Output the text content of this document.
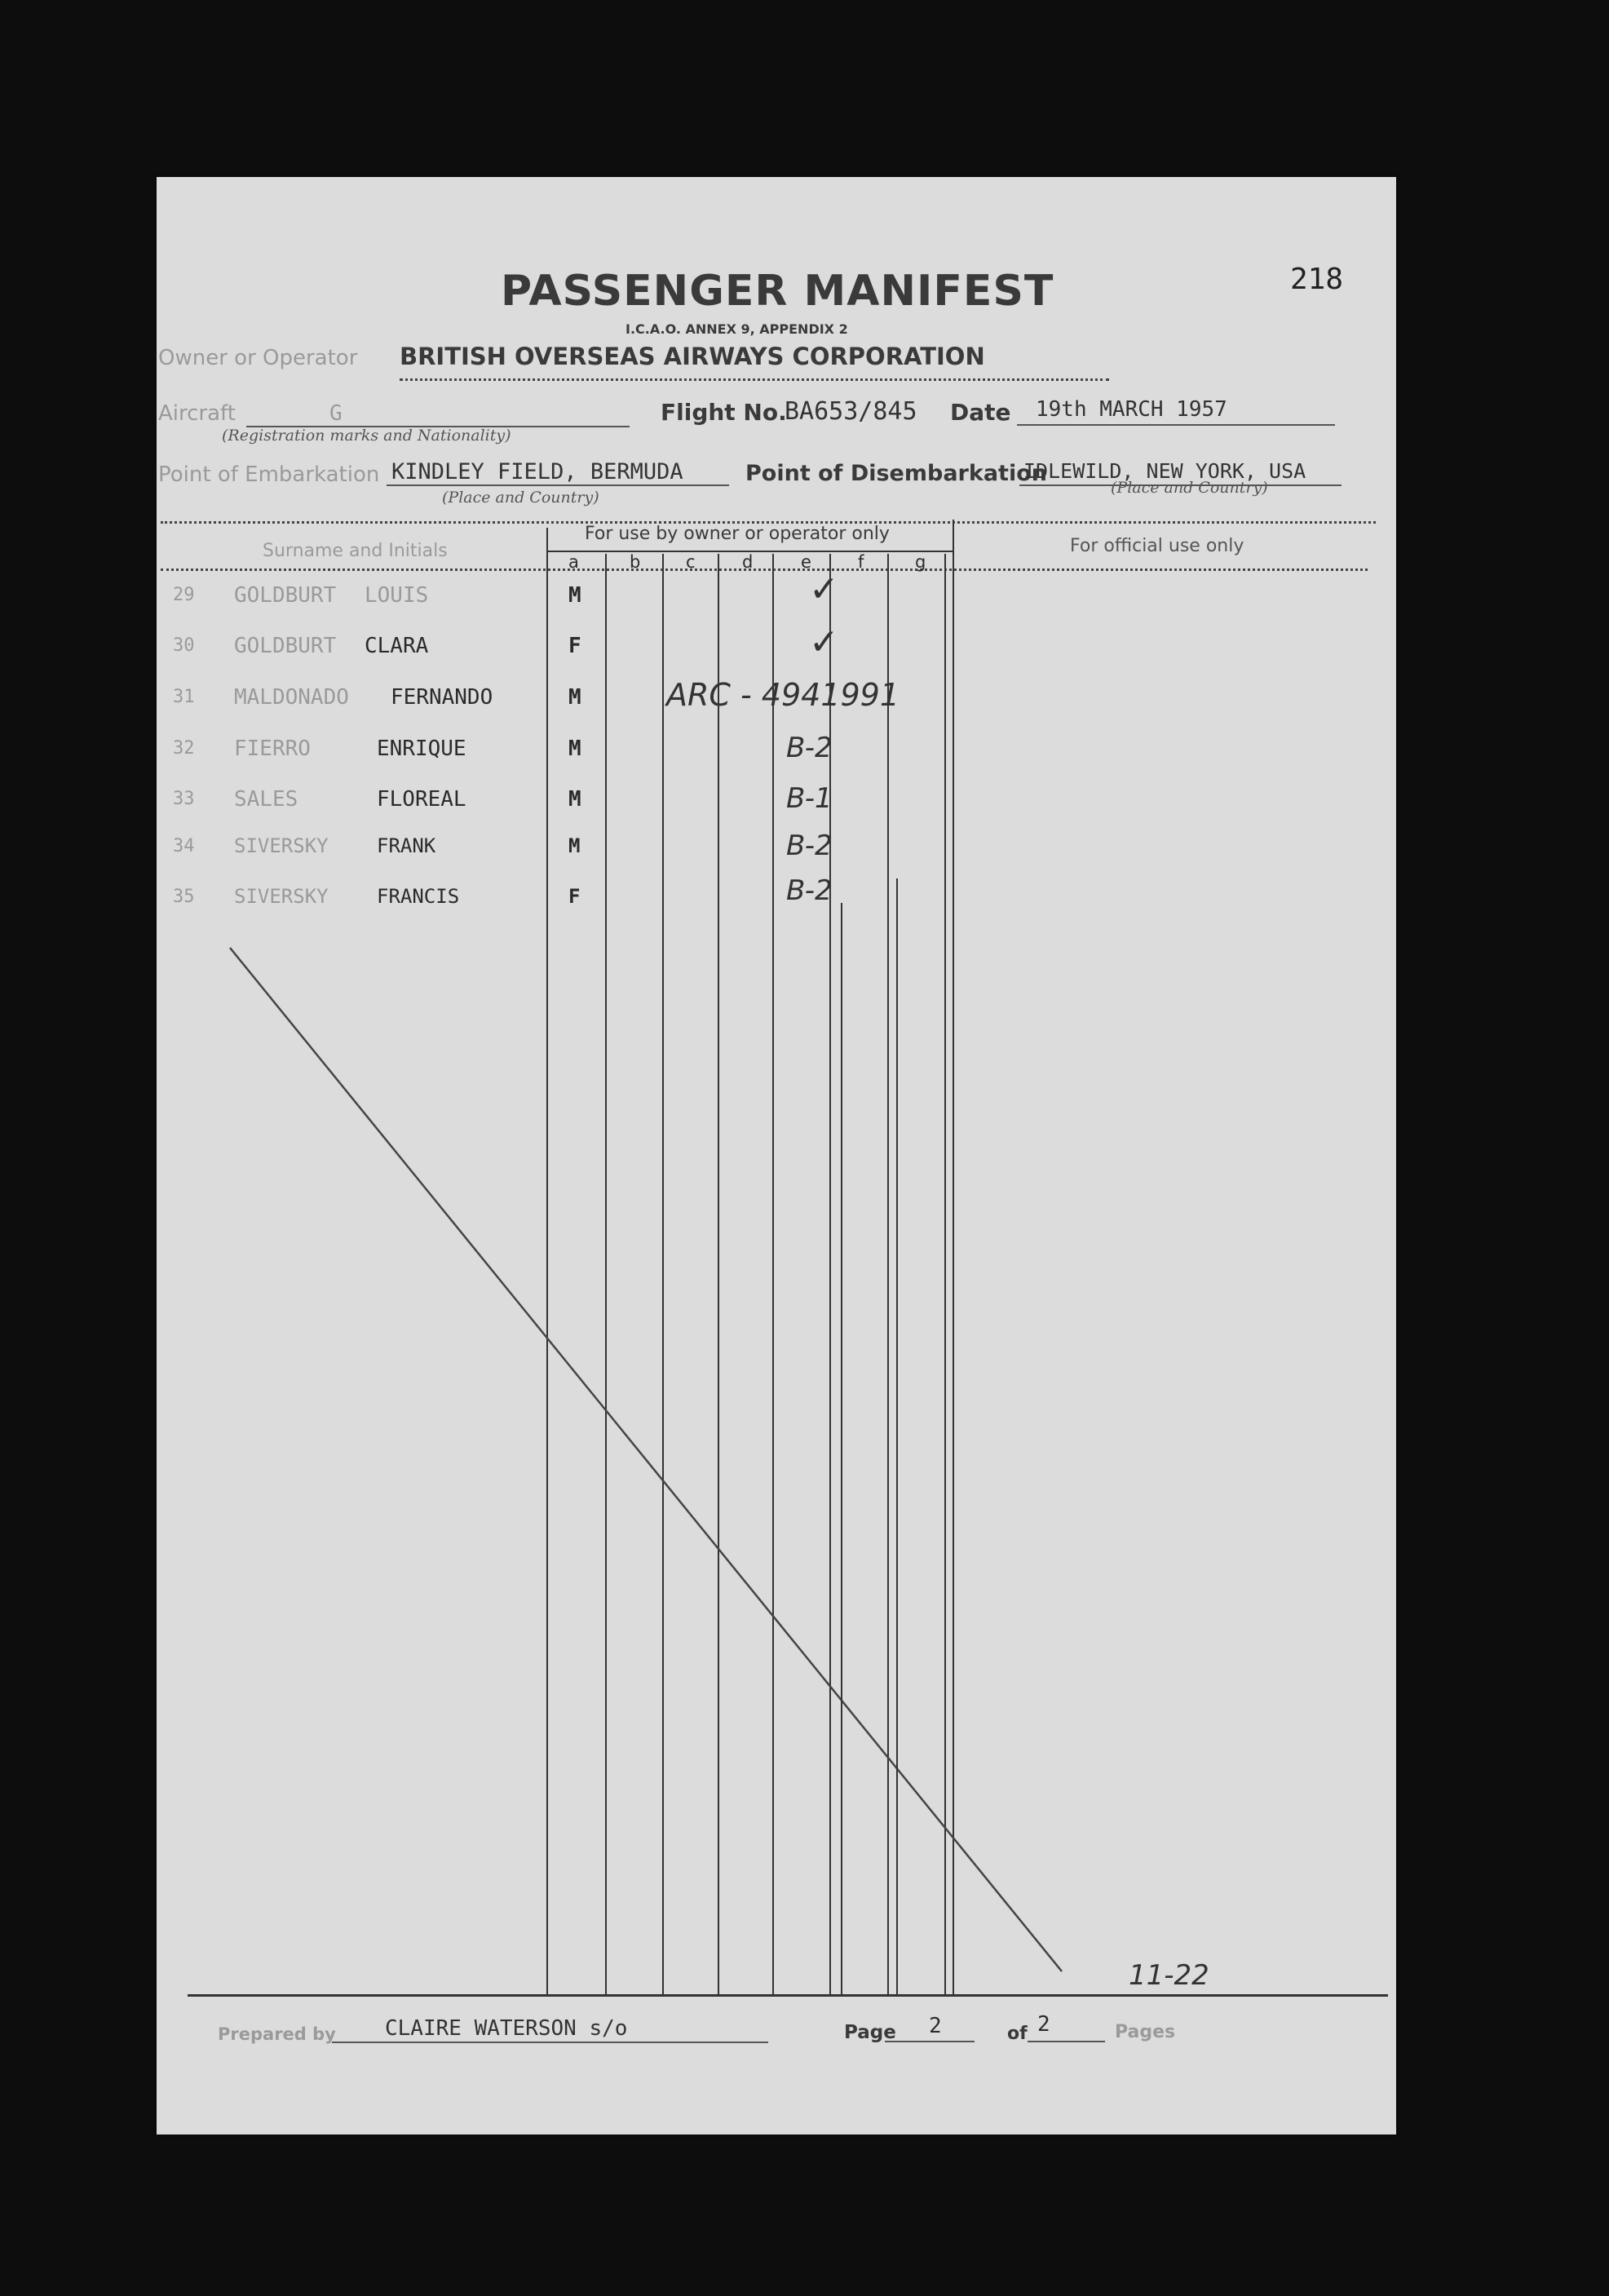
PASSENGER MANIFEST
I.C.A.O. ANNEX 9, APPENDIX 2
218
Owner or Operator BRITISH OVERSEAS AIRWAYS CORPORATION
Aircraft	G
(Registration marks and Nationality)
Flight No.
BA653/845 Date 19th MARCH 1957
Point of Embarkation KINDLEY FIELD, BERMUDA
(Place and Country)
Point of Disembarkation
IDLEWILD, NEW YORK, USA
(Place and Country)
Surname and Initials
For use by owner or operator only
For official use only
a	b	c	d	e	f	g
29 GOLDBURT LOUIS	M	✓
30 GOLDBURT CLARA	F	✓
31 MALDONADO FERNANDO	M	ARC - 4941991
32 FIERRO	ENRIQUE	M	B-2
33 SALES	FLOREAL	M	B-1
34 SIVERSKY FRANK	M	B-2
35 SIVERSKY FRANCIS	F	B-2
11-22
Prepared by CLAIRE WATERSON s/o	Page 2	of 2	Pages
